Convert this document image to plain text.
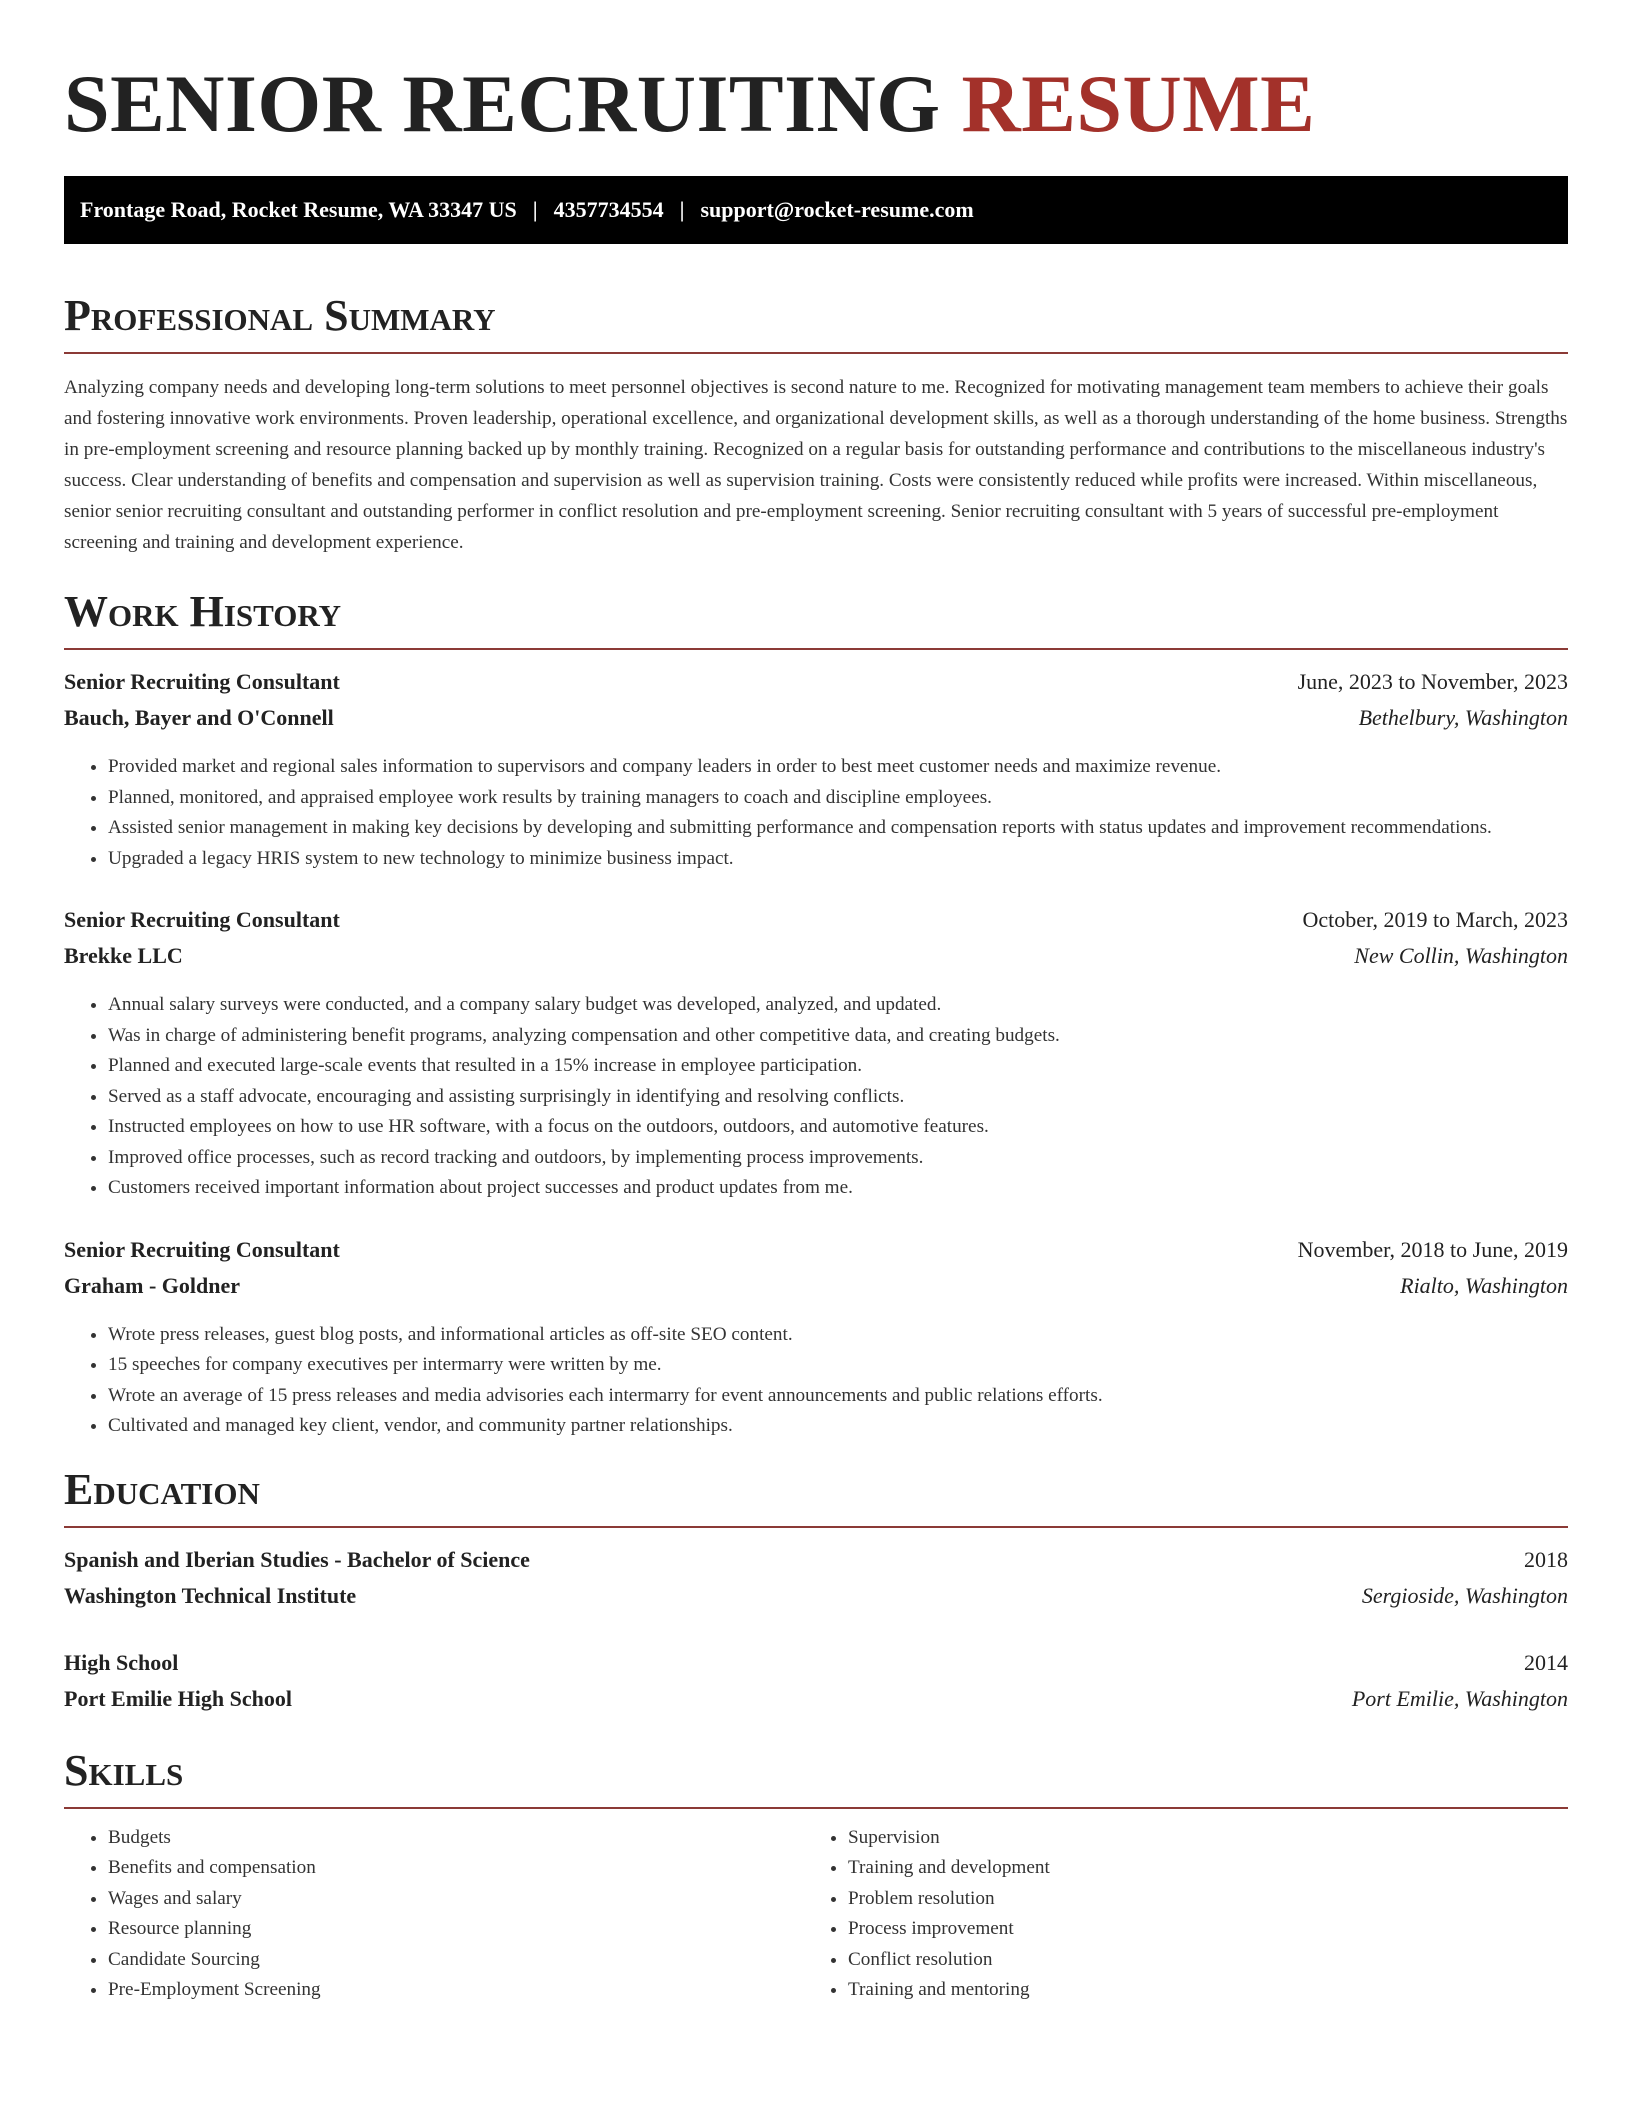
SENIOR RECRUITING RESUME
Frontage Road, Rocket Resume, WA 33347 US | 4357734554 | support@rocket-resume.com
Professional Summary

Analyzing company needs and developing long-term solutions to meet personnel objectives is second nature to me. Recognized for motivating management team members to achieve their goals and fostering innovative work environments. Proven leadership, operational excellence, and organizational development skills, as well as a thorough understanding of the home business. Strengths in pre-employment screening and resource planning backed up by monthly training. Recognized on a regular basis for outstanding performance and contributions to the miscellaneous industry's success. Clear understanding of benefits and compensation and supervision as well as supervision training. Costs were consistently reduced while profits were increased. Within miscellaneous, senior senior recruiting consultant and outstanding performer in conflict resolution and pre-employment screening. Senior recruiting consultant with 5 years of successful pre-employment screening and training and development experience.

Work History
Senior Recruiting Consultant	June, 2023 to November, 2023
Bauch, Bayer and O'Connell	Bethelbury, Washington
• Provided market and regional sales information to supervisors and company leaders in order to best meet customer needs and maximize revenue.
• Planned, monitored, and appraised employee work results by training managers to coach and discipline employees.
• Assisted senior management in making key decisions by developing and submitting performance and compensation reports with status updates and improvement recommendations.
• Upgraded a legacy HRIS system to new technology to minimize business impact.
Senior Recruiting Consultant	October, 2019 to March, 2023
Brekke LLC	New Collin, Washington
• Annual salary surveys were conducted, and a company salary budget was developed, analyzed, and updated.
• Was in charge of administering benefit programs, analyzing compensation and other competitive data, and creating budgets.
• Planned and executed large-scale events that resulted in a 15% increase in employee participation.
• Served as a staff advocate, encouraging and assisting surprisingly in identifying and resolving conflicts.
• Instructed employees on how to use HR software, with a focus on the outdoors, outdoors, and automotive features.
• Improved office processes, such as record tracking and outdoors, by implementing process improvements.
• Customers received important information about project successes and product updates from me.
Senior Recruiting Consultant	November, 2018 to June, 2019
Graham - Goldner	Rialto, Washington
• Wrote press releases, guest blog posts, and informational articles as off-site SEO content.
• 15 speeches for company executives per intermarry were written by me.
• Wrote an average of 15 press releases and media advisories each intermarry for event announcements and public relations efforts.
• Cultivated and managed key client, vendor, and community partner relationships.
Education
Spanish and Iberian Studies - Bachelor of Science	2018
Washington Technical Institute	Sergioside, Washington
High School	2014
Port Emilie High School	Port Emilie, Washington
Skills
• Budgets
• Benefits and compensation
• Wages and salary
• Resource planning
• Candidate Sourcing
• Pre-Employment Screening
• Supervision
• Training and development
• Problem resolution
• Process improvement
• Conflict resolution
• Training and mentoring
